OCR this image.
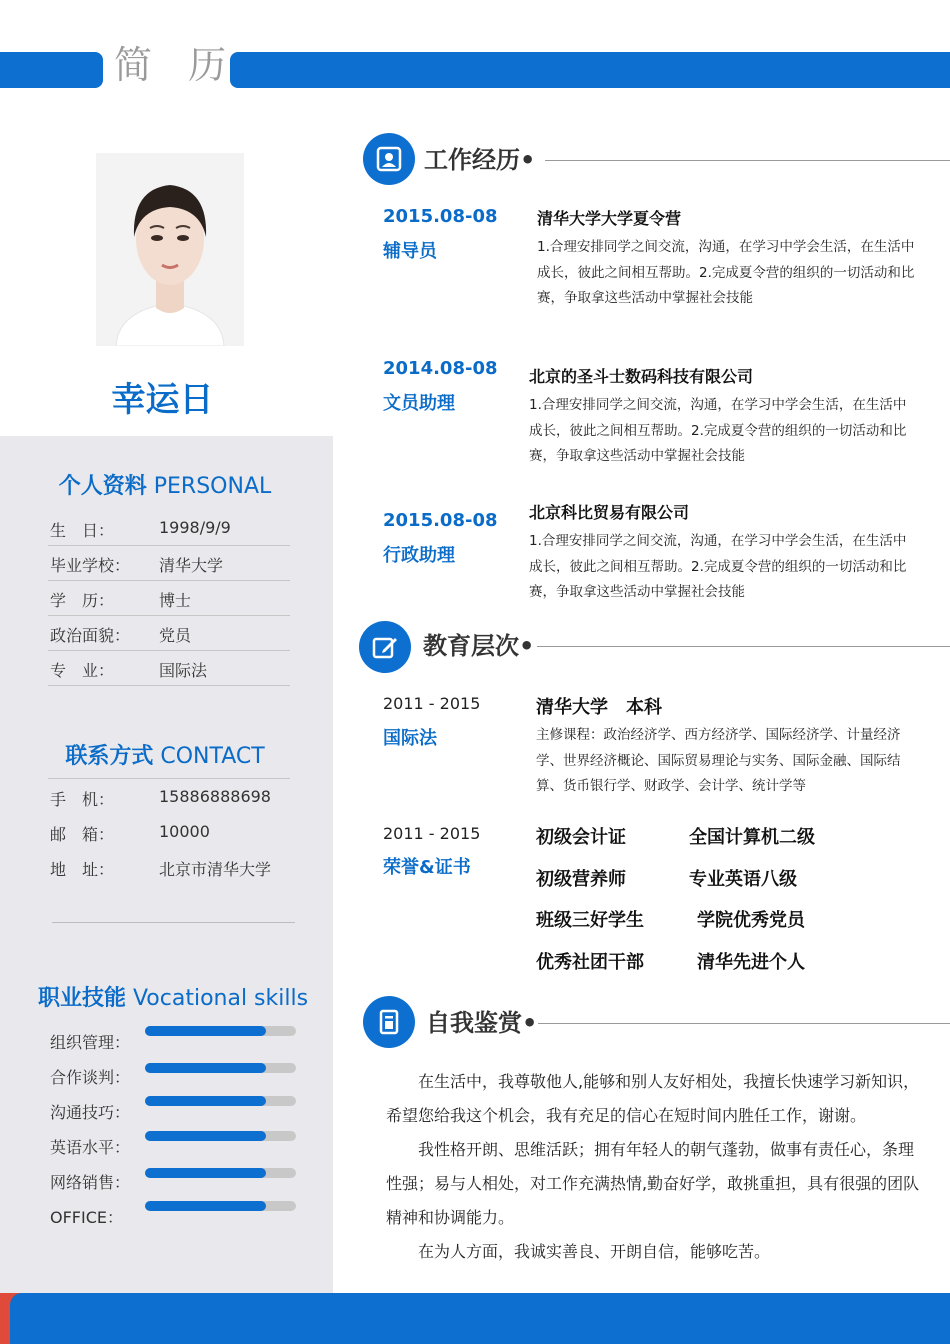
简 历
幸运日
个人资料 PERSONAL
生　日：	1998/9/9
毕业学校： 清华大学
学　历：	博士
政治面貌： 党员
专　业：	国际法
联系方式 CONTACT
手　机：	15886888698
邮　箱：	10000
地　址：	北京市清华大学
职业技能 Vocational skills
组织管理：
合作谈判：
沟通技巧：
英语水平：
网络销售：
OFFICE：
工作经历•
2015.08-08
辅导员
清华大学大学夏令营
1.合理安排同学之间交流，沟通，在学习中学会生活，在生活中成长，彼此之间相互帮助。2.完成夏令营的组织的一切活动和比赛，争取拿这些活动中掌握社会技能
2014.08-08
文员助理
北京的圣斗士数码科技有限公司
1.合理安排同学之间交流，沟通，在学习中学会生活，在生活中成长，彼此之间相互帮助。2.完成夏令营的组织的一切活动和比赛，争取拿这些活动中掌握社会技能
2015.08-08
行政助理
北京科比贸易有限公司
1.合理安排同学之间交流，沟通，在学习中学会生活，在生活中成长，彼此之间相互帮助。2.完成夏令营的组织的一切活动和比赛，争取拿这些活动中掌握社会技能
教育层次•
2011 - 2015
国际法
清华大学　本科
主修课程：政治经济学、西方经济学、国际经济学、计量经济学、世界经济概论、国际贸易理论与实务、国际金融、国际结算、货币银行学、财政学、会计学、统计学等
2011 - 2015
荣誉&证书
初级会计证	全国计算机二级
初级营养师	专业英语八级
班级三好学生	学院优秀党员
优秀社团干部	清华先进个人
自我鉴赏•

在生活中，我尊敬他人,能够和别人友好相处，我擅长快速学习新知识，希望您给我这个机会，我有充足的信心在短时间内胜任工作，谢谢。

我性格开朗、思维活跃；拥有年轻人的朝气蓬勃，做事有责任心，条理性强；易与人相处，对工作充满热情,勤奋好学，敢挑重担，具有很强的团队精神和协调能力。

在为人方面，我诚实善良、开朗自信，能够吃苦。
